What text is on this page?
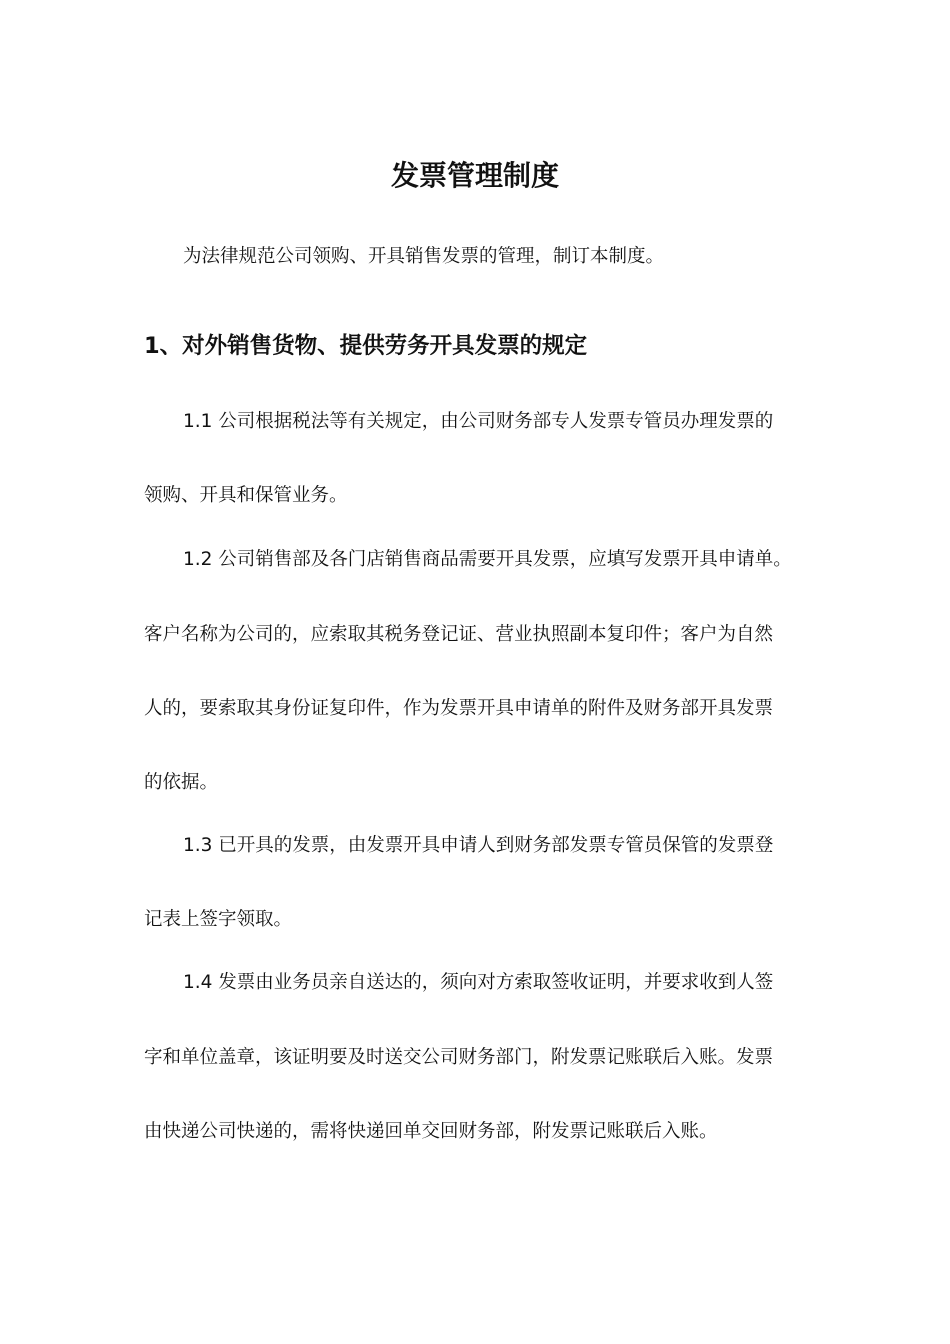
发票管理制度
为法律规范公司领购、开具销售发票的管理，制订本制度。
1、对外销售货物、提供劳务开具发票的规定
1.1 公司根据税法等有关规定，由公司财务部专人发票专管员办理发票的
领购、开具和保管业务。
1.2 公司销售部及各门店销售商品需要开具发票，应填写发票开具申请单。
客户名称为公司的，应索取其税务登记证、营业执照副本复印件；客户为自然
人的，要索取其身份证复印件，作为发票开具申请单的附件及财务部开具发票
的依据。
1.3 已开具的发票，由发票开具申请人到财务部发票专管员保管的发票登
记表上签字领取。
1.4 发票由业务员亲自送达的，须向对方索取签收证明，并要求收到人签
字和单位盖章，该证明要及时送交公司财务部门，附发票记账联后入账。发票
由快递公司快递的，需将快递回单交回财务部，附发票记账联后入账。
